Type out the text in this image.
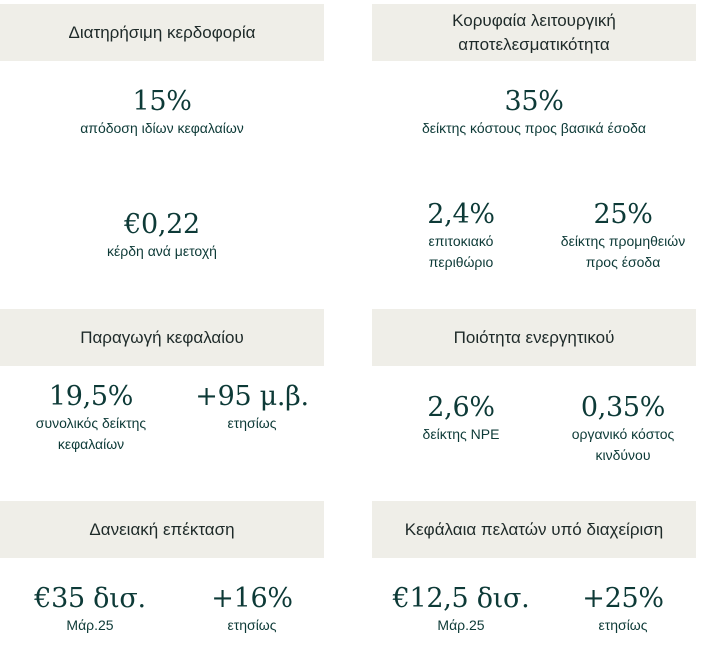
Διατηρήσιμη κερδοφορία
15%
απόδοση ιδίων κεφαλαίων
€0,22
κέρδη ανά μετοχή
Κορυφαία λειτουργική
αποτελεσματικότητα
35%
δείκτης κόστους προς βασικά έσοδα
2,4%
επιτοκιακό
περιθώριο
25%
δείκτης προμηθειών
προς έσοδα
Παραγωγή κεφαλαίου
19,5%
συνολικός δείκτης
κεφαλαίων
+95 μ.β.
ετησίως
Ποιότητα ενεργητικού
2,6%
δείκτης NPE
0,35%
οργανικό κόστος
κινδύνου
Δανειακή επέκταση
€35 δισ.
Μάρ.25
+16%
ετησίως
Κεφάλαια πελατών υπό διαχείριση
€12,5 δισ.
Μάρ.25
+25%
ετησίως
